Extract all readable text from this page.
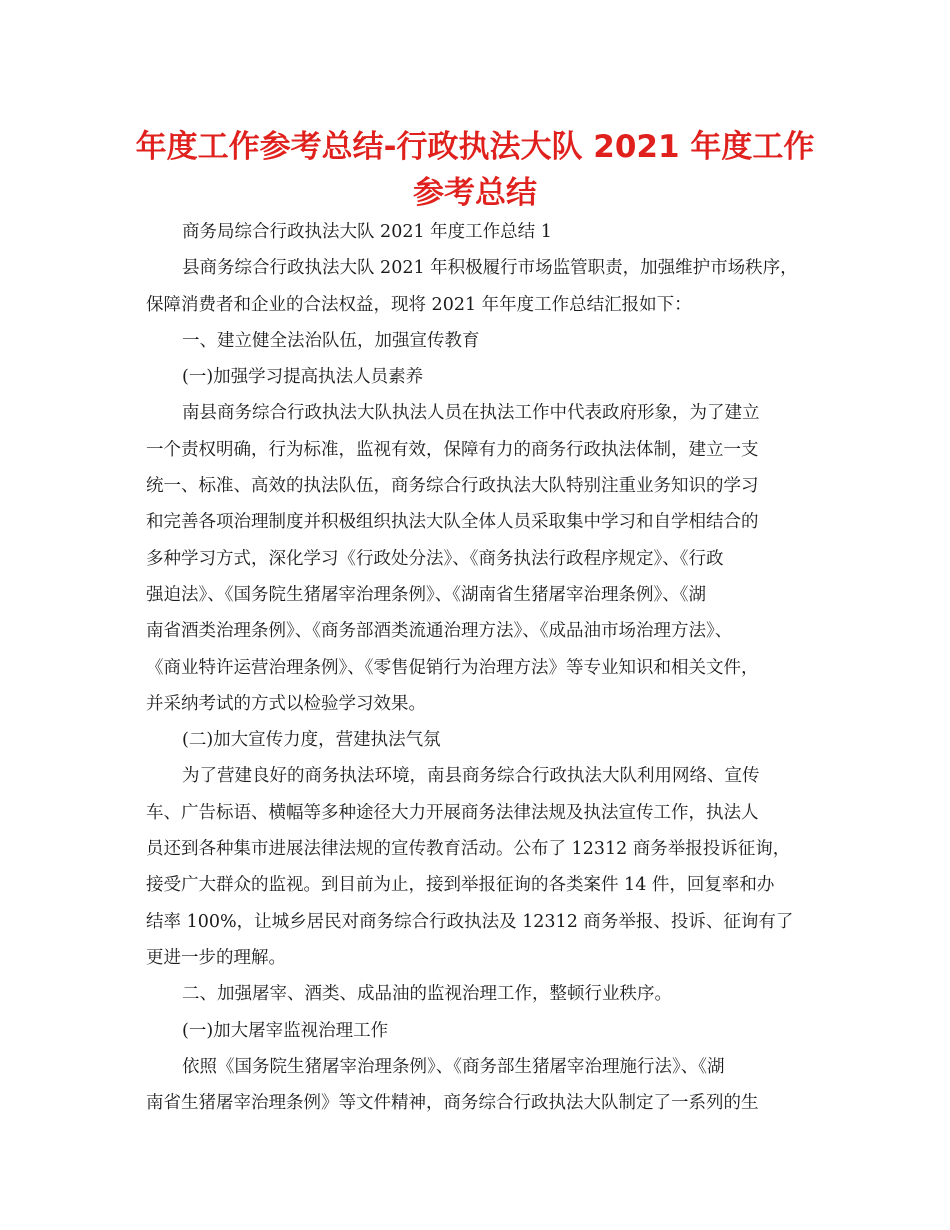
年度工作参考总结-行政执法大队 2021 年度工作
参考总结
商务局综合行政执法大队 2021 年度工作总结 1
县商务综合行政执法大队 2021 年积极履行市场监管职责，加强维护市场秩序，
保障消费者和企业的合法权益，现将 2021 年年度工作总结汇报如下：
一、建立健全法治队伍，加强宣传教育
(一)加强学习提高执法人员素养
南县商务综合行政执法大队执法人员在执法工作中代表政府形象，为了建立
一个责权明确，行为标准，监视有效，保障有力的商务行政执法体制，建立一支
统一、标准、高效的执法队伍，商务综合行政执法大队特别注重业务知识的学习
和完善各项治理制度并积极组织执法大队全体人员采取集中学习和自学相结合的
多种学习方式，深化学习《行政处分法》、《商务执法行政程序规定》、《行政
强迫法》、《国务院生猪屠宰治理条例》、《湖南省生猪屠宰治理条例》、《湖
南省酒类治理条例》、《商务部酒类流通治理方法》、《成品油市场治理方法》、
《商业特许运营治理条例》、《零售促销行为治理方法》等专业知识和相关文件，
并采纳考试的方式以检验学习效果。
(二)加大宣传力度，营建执法气氛
为了营建良好的商务执法环境，南县商务综合行政执法大队利用网络、宣传
车、广告标语、横幅等多种途径大力开展商务法律法规及执法宣传工作，执法人
员还到各种集市进展法律法规的宣传教育活动。公布了 12312 商务举报投诉征询，
接受广大群众的监视。到目前为止，接到举报征询的各类案件 14 件，回复率和办
结率 100%，让城乡居民对商务综合行政执法及 12312 商务举报、投诉、征询有了
更进一步的理解。
二、加强屠宰、酒类、成品油的监视治理工作，整顿行业秩序。
(一)加大屠宰监视治理工作
依照《国务院生猪屠宰治理条例》、《商务部生猪屠宰治理施行法》、《湖
南省生猪屠宰治理条例》等文件精神，商务综合行政执法大队制定了一系列的生
